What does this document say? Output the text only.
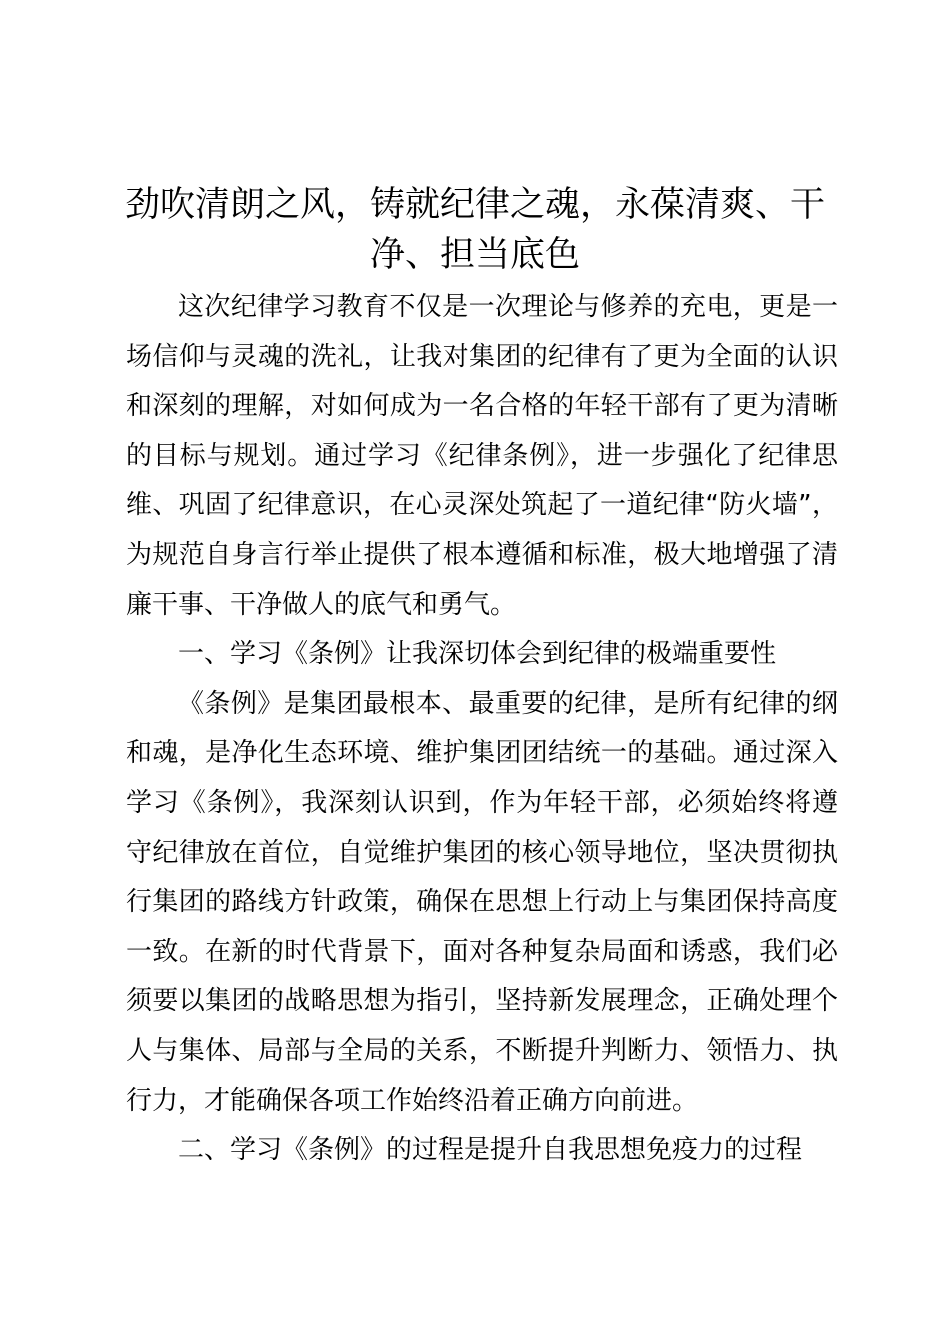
劲吹清朗之风，铸就纪律之魂，永葆清爽、干净、担当底色

这次纪律学习教育不仅是一次理论与修养的充电，更是一场信仰与灵魂的洗礼，让我对集团的纪律有了更为全面的认识和深刻的理解，对如何成为一名合格的年轻干部有了更为清晰的目标与规划。通过学习《纪律条例》，进一步强化了纪律思维、巩固了纪律意识，在心灵深处筑起了一道纪律“防火墙”，为规范自身言行举止提供了根本遵循和标准，极大地增强了清廉干事、干净做人的底气和勇气。

一、学习《条例》让我深切体会到纪律的极端重要性

《条例》是集团最根本、最重要的纪律，是所有纪律的纲和魂，是净化生态环境、维护集团团结统一的基础。通过深入学习《条例》，我深刻认识到，作为年轻干部，必须始终将遵守纪律放在首位，自觉维护集团的核心领导地位，坚决贯彻执行集团的路线方针政策，确保在思想上行动上与集团保持高度一致。在新的时代背景下，面对各种复杂局面和诱惑，我们必须要以集团的战略思想为指引，坚持新发展理念，正确处理个人与集体、局部与全局的关系，不断提升判断力、领悟力、执行力，才能确保各项工作始终沿着正确方向前进。

二、学习《条例》的过程是提升自我思想免疫力的过程
